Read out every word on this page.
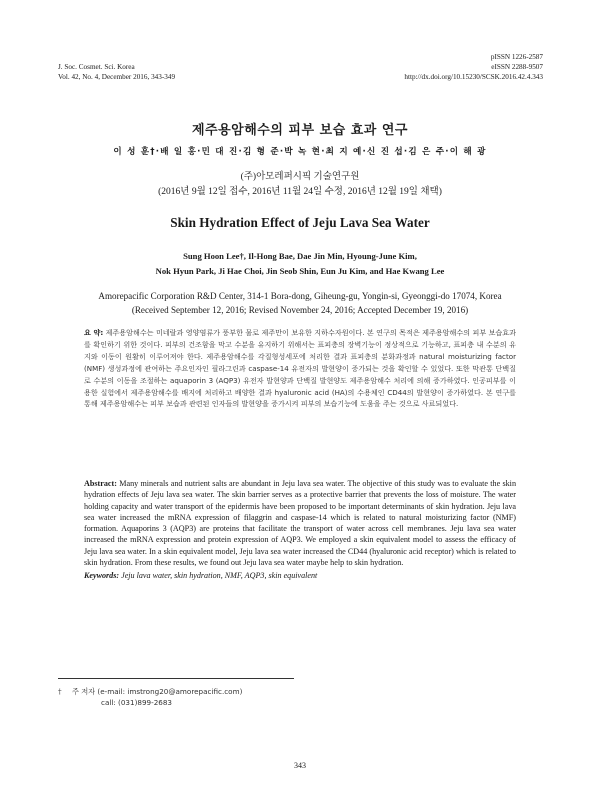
J. Soc. Cosmet. Sci. Korea
Vol. 42, No. 4, December 2016, 343-349
pISSN 1226-2587
eISSN 2288-9507
http://dx.doi.org/10.15230/SCSK.2016.42.4.343
제주용암해수의 피부 보습 효과 연구
이 성 훈†·배 일 홍·민 대 진·김 형 준·박 녹 현·최 지 예·신 진 섭·김 은 주·이 해 광
(주)아모레퍼시픽 기술연구원
(2016년 9월 12일 접수, 2016년 11월 24일 수정, 2016년 12월 19일 채택)
Skin Hydration Effect of Jeju Lava Sea Water
Sung Hoon Lee†, Il-Hong Bae, Dae Jin Min, Hyoung-June Kim,
Nok Hyun Park, Ji Hae Choi, Jin Seob Shin, Eun Ju Kim, and Hae Kwang Lee
Amorepacific Corporation R&D Center, 314-1 Bora-dong, Giheung-gu, Yongin-si, Gyeonggi-do 17074, Korea
(Received September 12, 2016; Revised November 24, 2016; Accepted December 19, 2016)
요 약: 제주용암해수는 미네랄과 영양염류가 풍부한 물로 제주만이 보유한 지하수자원이다. 본 연구의 목적은 제주용암해수의 피부 보습효과를 확인하기 위한 것이다. 피부의 건조함을 막고 수분을 유지하기 위해서는 표피층의 장벽기능이 정상적으로 기능하고, 표피층 내 수분의 유지와 이동이 원활히 이루어져야 한다. 제주용암해수를 각질형성세포에 처리한 결과 표피층의 분화과정과 natural moisturizing factor (NMF) 생성과정에 관여하는 주요인자인 필라그린과 caspase-14 유전자의 발현양이 증가되는 것을 확인할 수 있었다. 또한 막관통 단백질로 수분의 이동을 조절하는 aquaporin 3 (AQP3) 유전자 발현양과 단백질 발현양도 제주용암해수 처리에 의해 증가하였다. 인공피부를 이용한 실험에서 제주용암해수를 배지에 처리하고 배양한 결과 hyaluronic acid (HA)의 수용체인 CD44의 발현양이 증가하였다. 본 연구를 통해 제주용암해수는 피부 보습과 관련된 인자들의 발현양을 증가시켜 피부의 보습기능에 도움을 주는 것으로 사료되었다.
Abstract: Many minerals and nutrient salts are abundant in Jeju lava sea water. The objective of this study was to evaluate the skin hydration effects of Jeju lava sea water. The skin barrier serves as a protective barrier that prevents the loss of moisture. The water holding capacity and water transport of the epidermis have been proposed to be important determinants of skin hydration. Jeju lava sea water increased the mRNA expression of filaggrin and caspase-14 which is related to natural moisturizing factor (NMF) formation. Aquaporins 3 (AQP3) are proteins that facilitate the transport of water across cell membranes. Jeju lava sea water increased the mRNA expression and protein expression of AQP3. We employed a skin equivalent model to assess the efficacy of Jeju lava sea water. In a skin equivalent model, Jeju lava sea water increased the CD44 (hyaluronic acid receptor) which is related to skin hydration. From these results, we found out Jeju lava sea water maybe help to skin hydration.
Keywords: Jeju lava water, skin hydration, NMF, AQP3, skin equivalent
† 주 저자 (e-mail: imstrong20@amorepacific.com)
call: (031)899-2683
343
